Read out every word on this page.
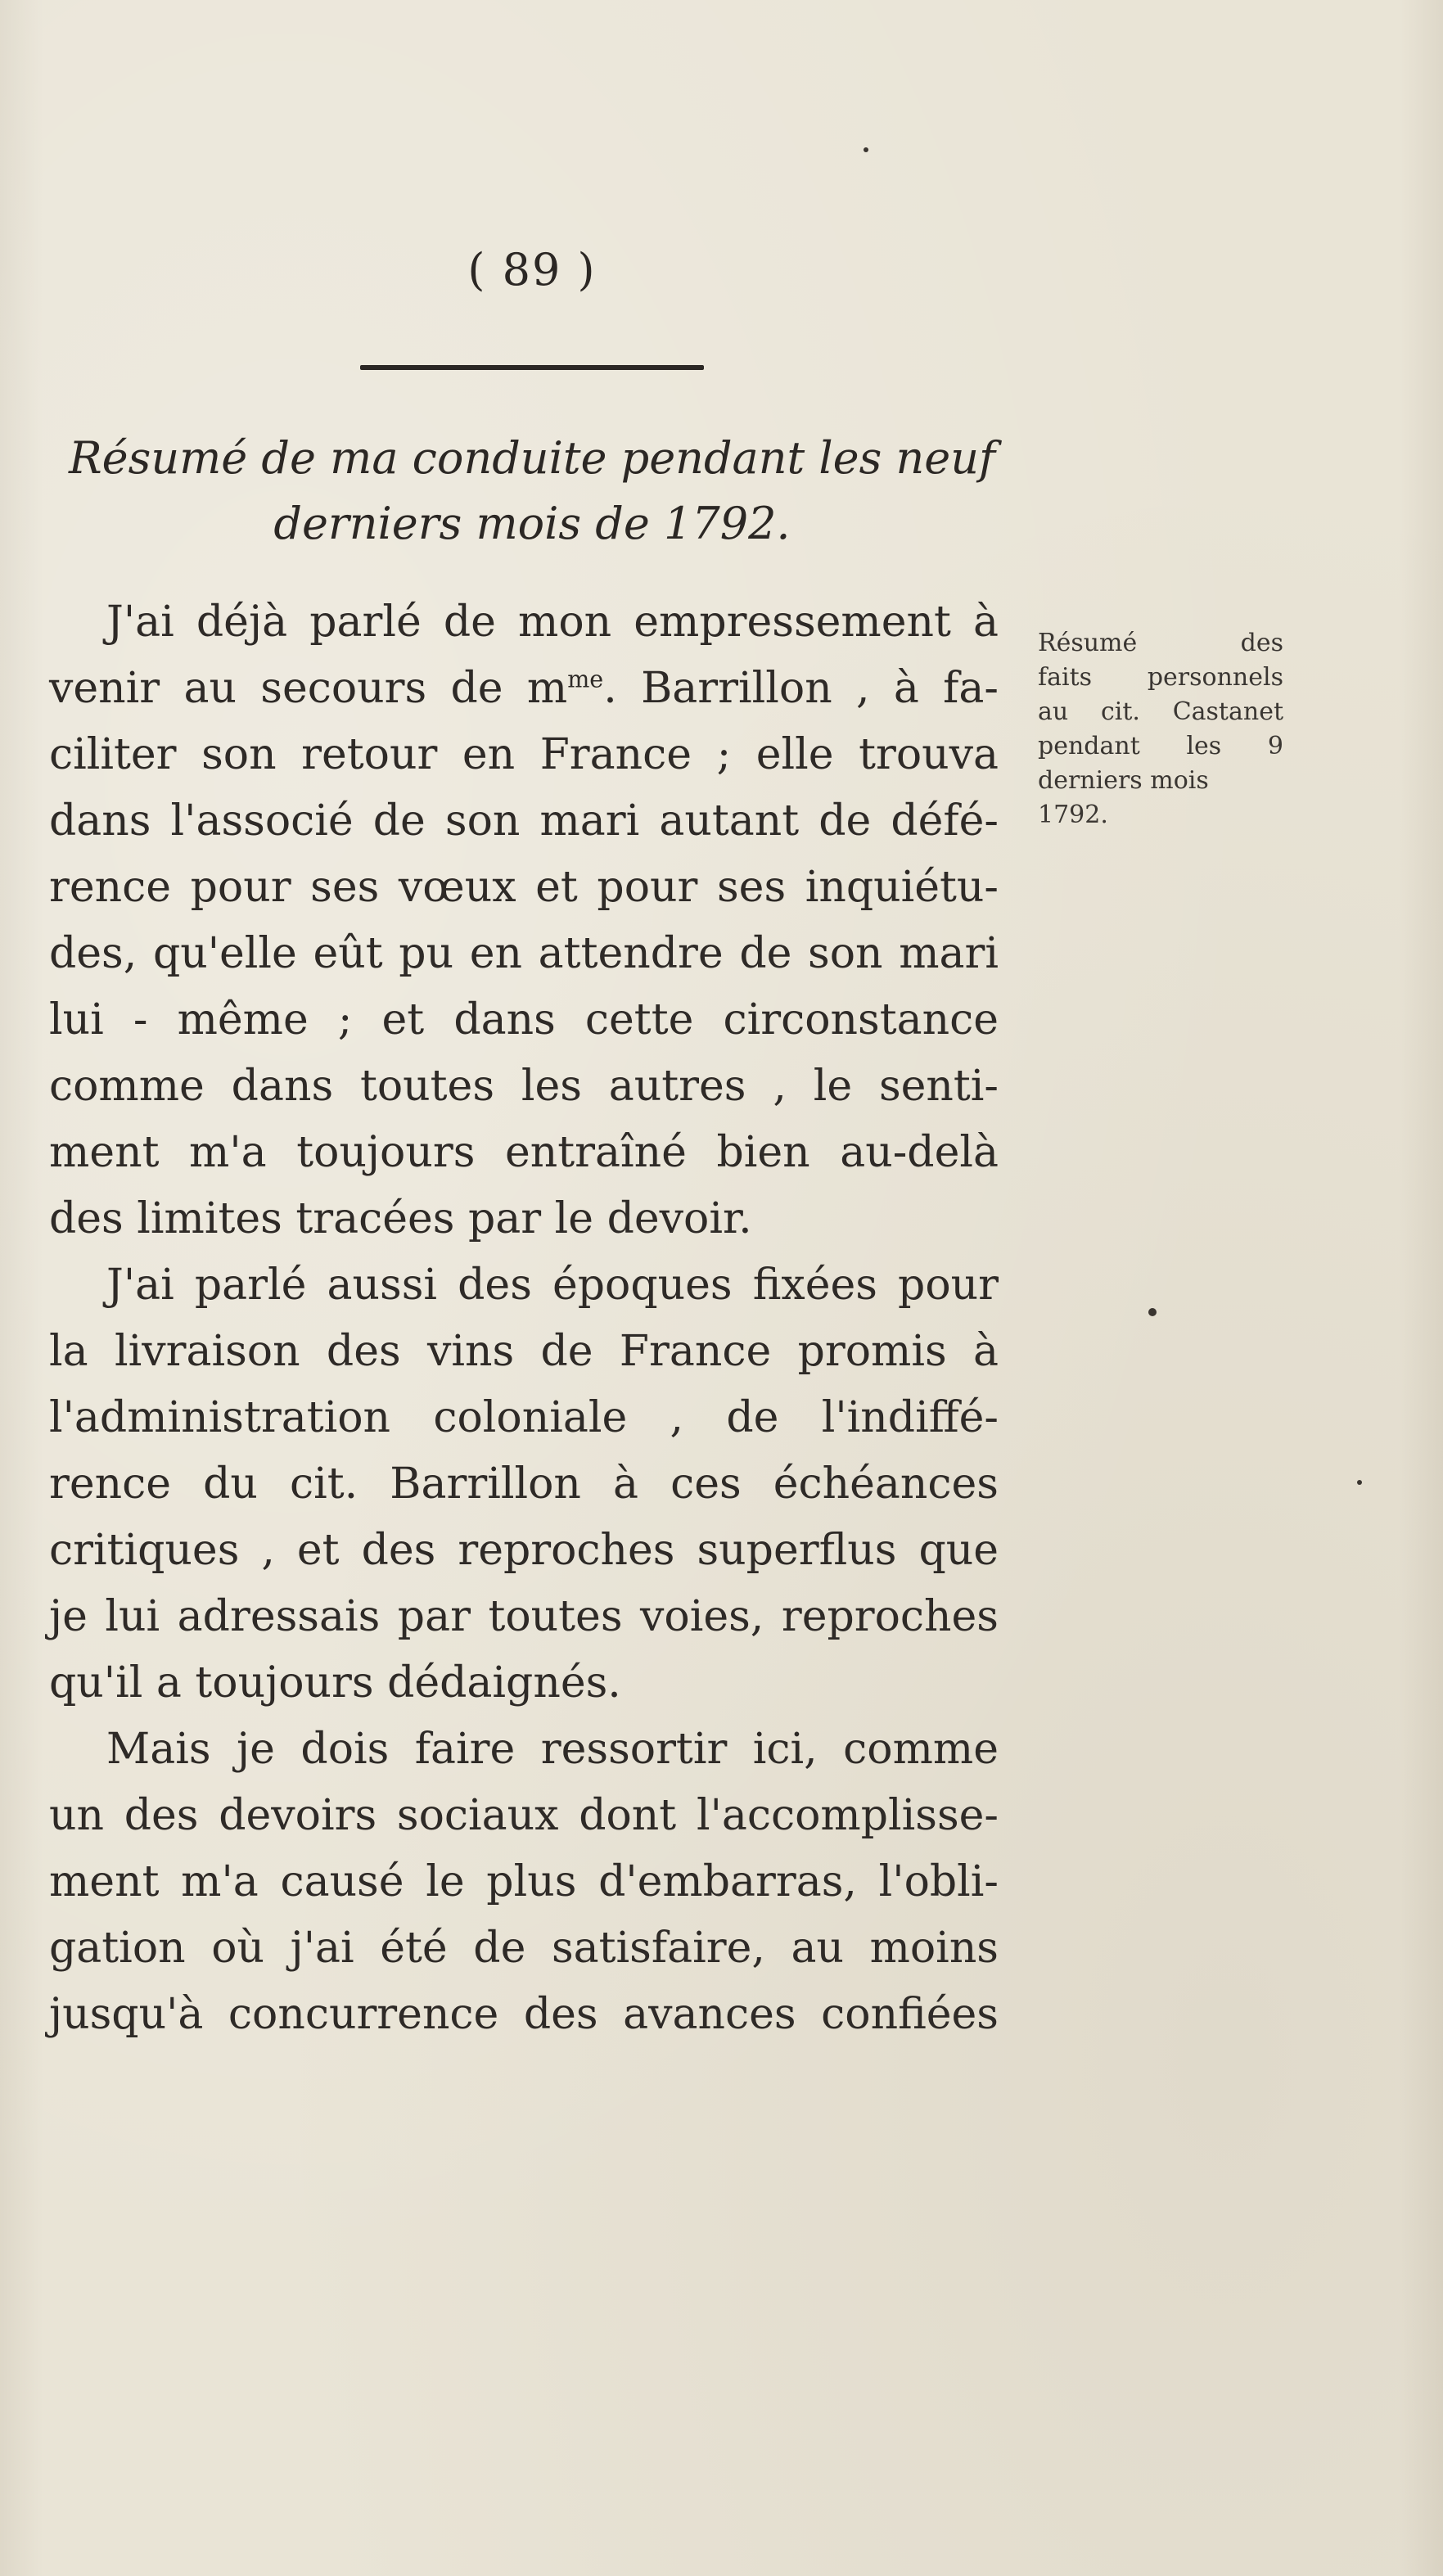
( 89 )
Résumé de ma conduite pendant les neuf
derniers mois de 1792.
J'ai déjà parlé de mon empressement à
venir au secours de $m^{me}$. Barrillon , à fa-
ciliter son retour en France ; elle trouva
dans l'associé de son mari autant de défé-
rence pour ses vœux et pour ses inquiétu-
des, qu'elle eût pu en attendre de son mari
lui - même ; et dans cette circonstance
comme dans toutes les autres , le senti-
ment m'a toujours entraîné bien au-delà
des limites tracées par le devoir.
J'ai parlé aussi des époques fixées pour
la livraison des vins de France promis à
l'administration coloniale , de l'indiffé-
rence du cit. Barrillon à ces échéances
critiques , et des reproches superflus que
je lui adressais par toutes voies, reproches
qu'il a toujours dédaignés.
Mais je dois faire ressortir ici, comme
un des devoirs sociaux dont l'accomplisse-
ment m'a causé le plus d'embarras, l'obli-
gation où j'ai été de satisfaire, au moins
jusqu'à concurrence des avances confiées
Résumé des
faits personnels
au cit. Castanet
pendant les 9
derniers mois
1792.
